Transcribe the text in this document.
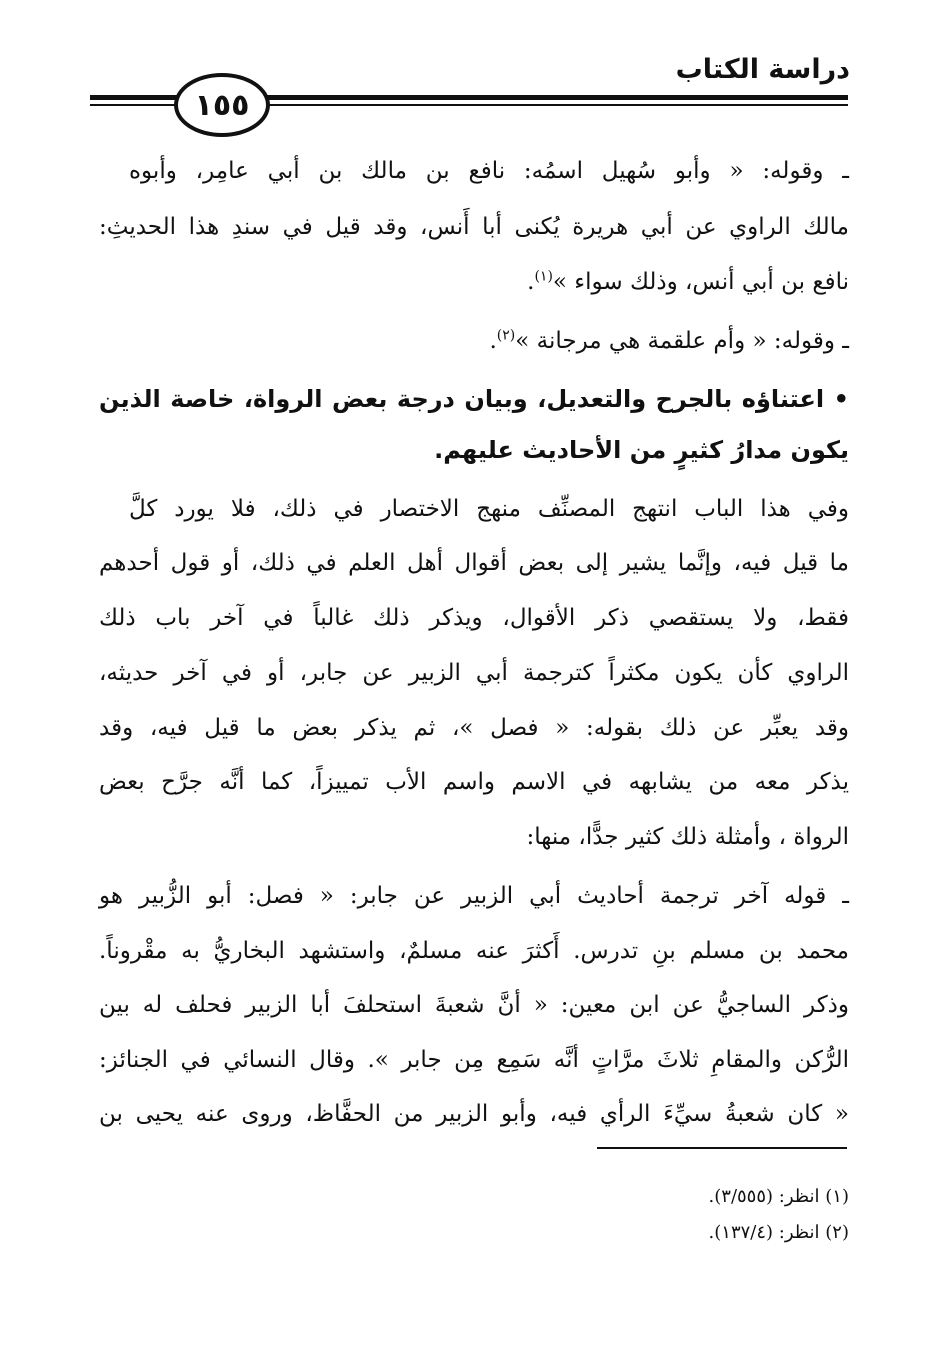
دراسة الكتاب
١٥٥
ـ وقوله: « وأبو سُهيل اسمُه: نافع بن مالك بن أبي عامِر، وأبوه
مالك الراوي عن أبي هريرة يُكنى أبا أَنس، وقد قيل في سندِ هذا الحديثِ:
نافع بن أبي أنس، وذلك سواء »$^{(١)}$.
ـ وقوله: « وأم علقمة هي مرجانة »$^{(٢)}$.
• اعتناؤه بالجرح والتعديل، وبيان درجة بعض الرواة، خاصة الذين
يكون مدارُ كثيرٍ من الأحاديث عليهم.
وفي هذا الباب انتهج المصنِّف منهج الاختصار في ذلك، فلا يورد كلَّ
ما قيل فيه، وإنَّما يشير إلى بعض أقوال أهل العلم في ذلك، أو قول أحدهم
فقط، ولا يستقصي ذكر الأقوال، ويذكر ذلك غالباً في آخر باب ذلك
الراوي كأن يكون مكثراً كترجمة أبي الزبير عن جابر، أو في آخر حديثه،
وقد يعبِّر عن ذلك بقوله: « فصل »، ثم يذكر بعض ما قيل فيه، وقد
يذكر معه من يشابهه في الاسم واسم الأب تمييزاً، كما أنَّه جرَّح بعض
الرواة ، وأمثلة ذلك كثير جدًّا، منها:
ـ قوله آخر ترجمة أحاديث أبي الزبير عن جابر: « فصل: أبو الزُّبير هو
محمد بن مسلم بنِ تدرس. أَكثرَ عنه مسلمٌ، واستشهد البخاريُّ به مقْروناً.
وذكر الساجيُّ عن ابن معين: « أنَّ شعبةَ استحلفَ أبا الزبير فحلف له بين
الرُّكن والمقامِ ثلاثَ مرَّاتٍ أنَّه سَمِع مِن جابر ». وقال النسائي في الجنائز:
« كان شعبةُ سيِّءَ الرأي فيه، وأبو الزبير من الحفَّاظ، وروى عنه يحيى بن
(١) انظر: (٣/٥٥٥).
(٢) انظر: (١٣٧/٤).
